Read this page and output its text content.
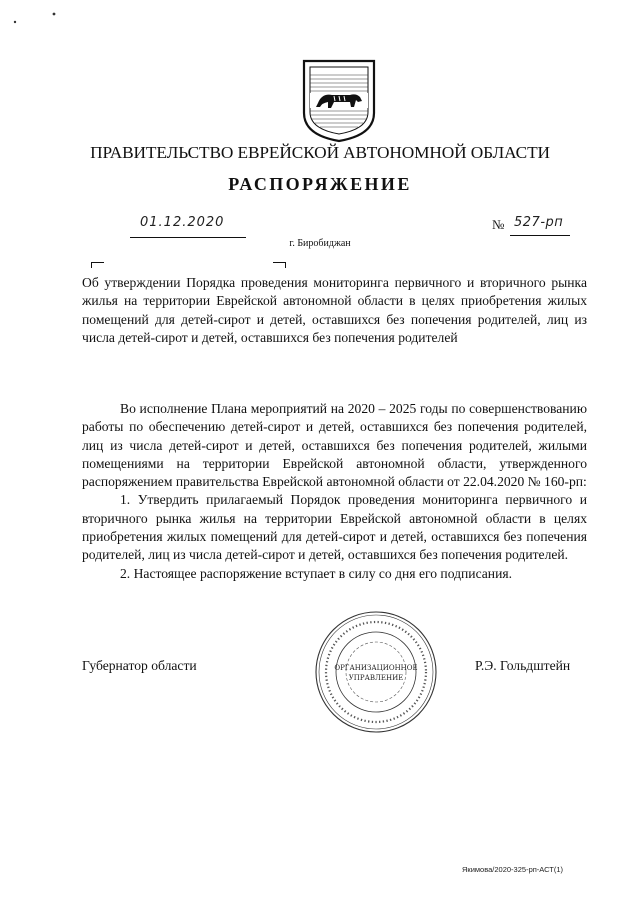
ПРАВИТЕЛЬСТВО ЕВРЕЙСКОЙ АВТОНОМНОЙ ОБЛАСТИ
РАСПОРЯЖЕНИЕ
01.12.2020	№ 527-рп
г. Биробиджан
Об утверждении Порядка проведения мониторинга первичного и вторичного рынка жилья на территории Еврейской автономной области в целях приобретения жилых помещений для детей-сирот и детей, оставшихся без попечения родителей, лиц из числа детей-сирот и детей, оставшихся без попечения родителей

Во исполнение Плана мероприятий на 2020 – 2025 годы по совершенствованию работы по обеспечению детей-сирот и детей, оставшихся без попечения родителей, лиц из числа детей-сирот и детей, оставшихся без попечения родителей, жилыми помещениями на территории Еврейской автономной области, утвержденного распоряжением правительства Еврейской автономной области от 22.04.2020 № 160-рп:

1. Утвердить прилагаемый Порядок проведения мониторинга первичного и вторичного рынка жилья на территории Еврейской автономной области в целях приобретения жилых помещений для детей-сирот и детей, оставшихся без попечения родителей, лиц из числа детей-сирот и детей, оставшихся без попечения родителей.

2. Настоящее распоряжение вступает в силу со дня его подписания.

Губернатор области	Р.Э. Гольдштейн
ОРГАНИЗАЦИОННОЕ
УПРАВЛЕНИЕ
Якимова/2020-325-рп-АСТ(1)
